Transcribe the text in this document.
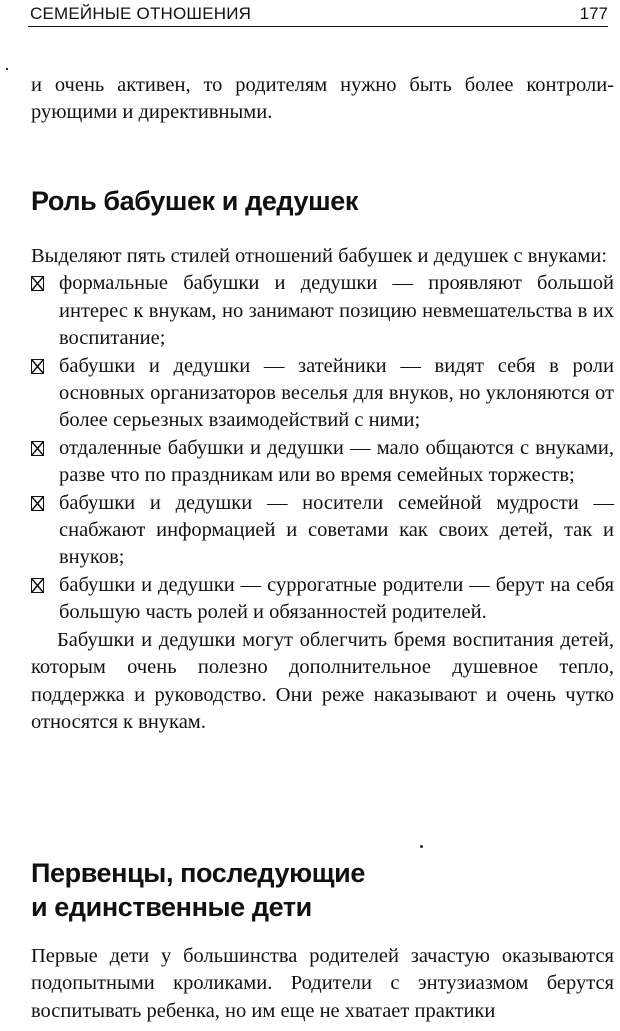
СЕМЕЙНЫЕ ОТНОШЕНИЯ	177

и очень активен, то родителям нужно быть более контролирующими и директивными.

Роль бабушек и дедушек

Выделяют пять стилей отношений бабушек и дедушек с внуками:

формальные бабушки и дедушки — проявляют большой интерес к внукам, но занимают позицию невмешательства в их воспитание;
бабушки и дедушки — затейники — видят себя в роли основных организаторов веселья для внуков, но уклоняются от более серьезных взаимодействий с ними;
отдаленные бабушки и дедушки — мало общаются с внуками, разве что по праздникам или во время семейных торжеств;
бабушки и дедушки — носители семейной мудрости — снабжают информацией и советами как своих детей, так и внуков;
бабушки и дедушки — суррогатные родители — берут на себя большую часть ролей и обязанностей родителей.

Бабушки и дедушки могут облегчить бремя воспитания детей, которым очень полезно дополнительное душевное тепло, поддержка и руководство. Они реже наказывают и очень чутко относятся к внукам.

Первенцы, последующие
и единственные дети

Первые дети у большинства родителей зачастую оказываются подопытными кроликами. Родители с энтузиазмом берутся воспитывать ребенка, но им еще не хватает практики
